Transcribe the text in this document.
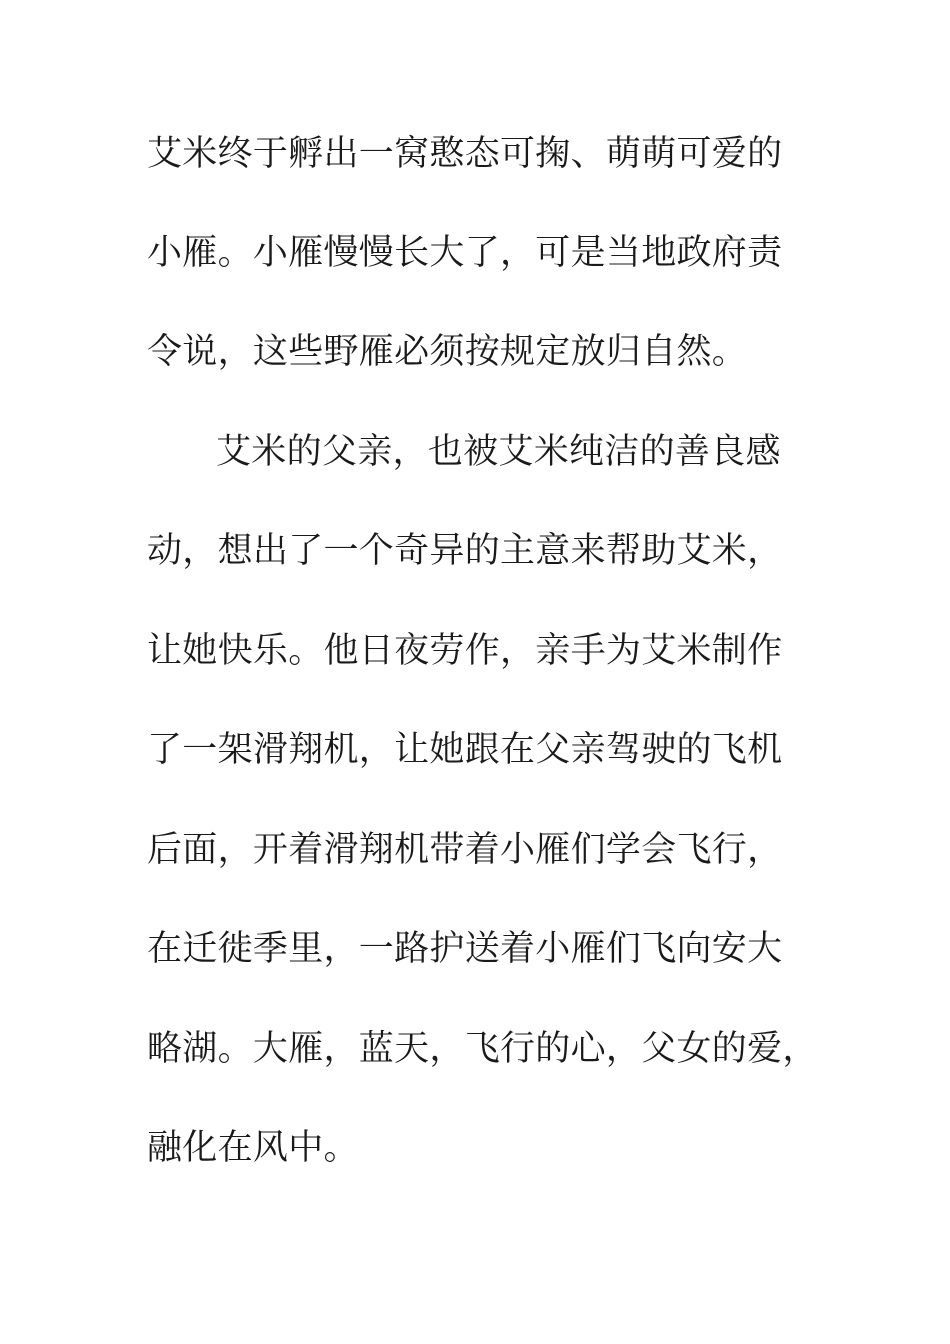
艾米终于孵出一窝憨态可掬、萌萌可爱的
小雁。小雁慢慢长大了，可是当地政府责
令说，这些野雁必须按规定放归自然。
艾米的父亲，也被艾米纯洁的善良感
动，想出了一个奇异的主意来帮助艾米，
让她快乐。他日夜劳作，亲手为艾米制作
了一架滑翔机，让她跟在父亲驾驶的飞机
后面，开着滑翔机带着小雁们学会飞行，
在迁徙季里，一路护送着小雁们飞向安大
略湖。大雁，蓝天，飞行的心，父女的爱，
融化在风中。
